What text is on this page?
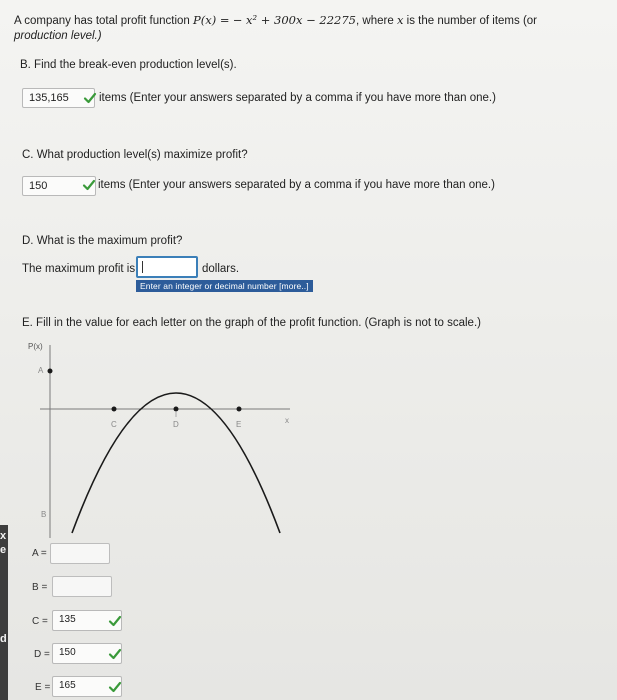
A company has total profit function P(x) = − x² + 300x − 22275, where x is the number of items (or
production level.)
B. Find the break-even production level(s).
135,165	items (Enter your answers separated by a comma if you have more than one.)
C. What production level(s) maximize profit?
150	items (Enter your answers separated by a comma if you have more than one.)
D. What is the maximum profit?
The maximum profit is	dollars.
Enter an integer or decimal number [more..]
E. Fill in the value for each letter on the graph of the profit function. (Graph is not to scale.)
P(x)
x
A
B
C	D	E
A =
B =
C =	135
D = 150
E = 165
x
e
d
